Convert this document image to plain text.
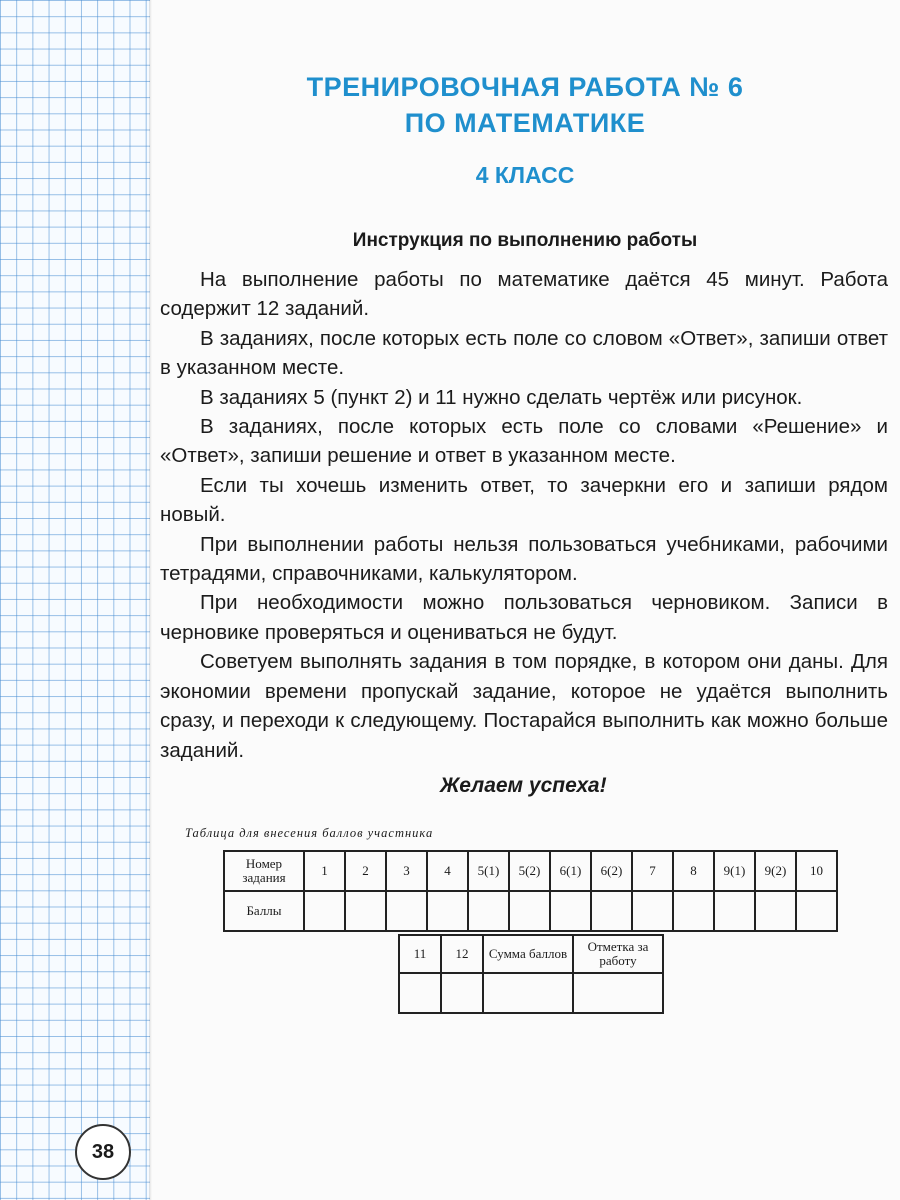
ТРЕНИРОВОЧНАЯ РАБОТА № 6
ПО МАТЕМАТИКЕ
4 КЛАСС
Инструкция по выполнению работы

На выполнение работы по математике даётся 45 минут. Работа содержит 12 заданий.

В заданиях, после которых есть поле со словом «Ответ», запиши ответ в указанном месте.

В заданиях 5 (пункт 2) и 11 нужно сделать чертёж или рисунок.

В заданиях, после которых есть поле со словами «Решение» и «Ответ», запиши решение и ответ в указанном месте.

Если ты хочешь изменить ответ, то зачеркни его и запиши рядом новый.

При выполнении работы нельзя пользоваться учебниками, рабочими тетрадями, справочниками, калькулятором.

При необходимости можно пользоваться черновиком. Записи в черновике проверяться и оцениваться не будут.

Советуем выполнять задания в том порядке, в котором они даны. Для экономии времени пропускай задание, которое не удаётся выполнить сразу, и переходи к следующему. Постарайся выполнить как можно больше заданий.

Желаем успеха!
Таблица для внесения баллов участника
Номер задания	1	2	3	4	5(1)	5(2)	6(1)	6(2)	7	8	9(1)	9(2)	10
Баллы													
11	12	Сумма баллов	Отметка за работу

38
